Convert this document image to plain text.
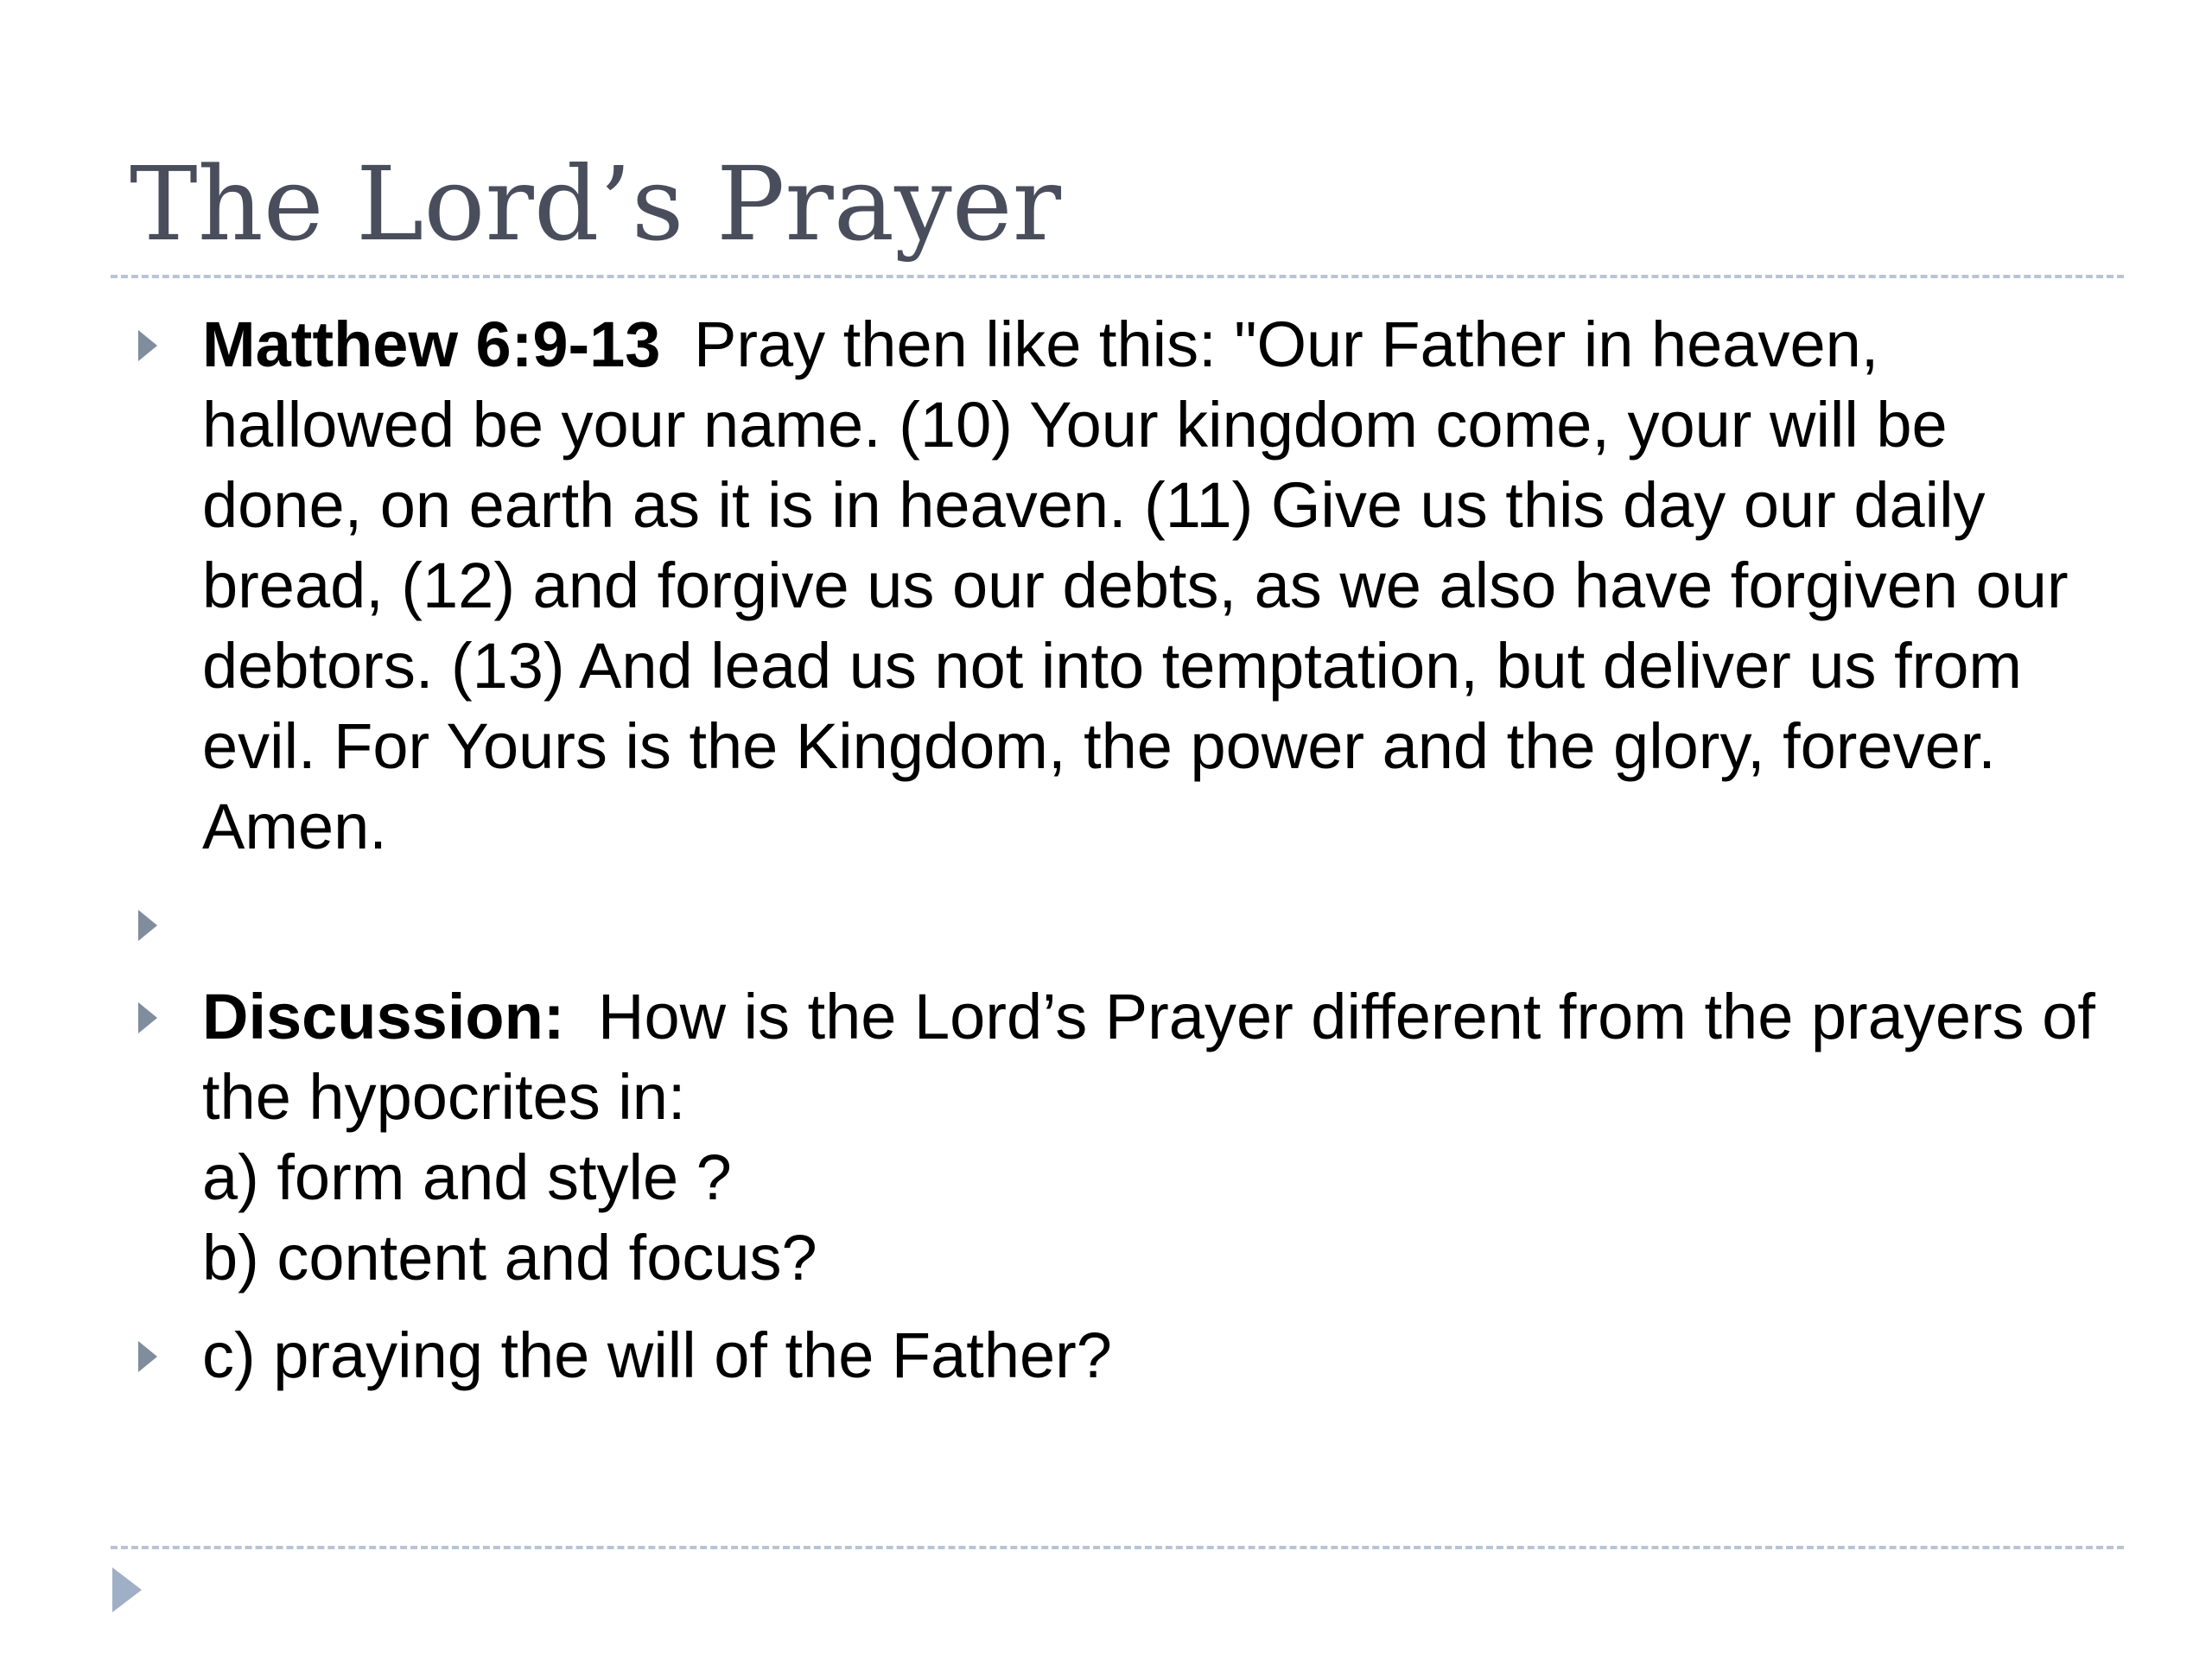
The Lord’s Prayer
Matthew 6:9-13 Pray then like this: "Our Father in heaven, hallowed be your name. (10) Your kingdom come, your will be done, on earth as it is in heaven. (11) Give us this day our daily bread, (12) and forgive us our debts, as we also have forgiven our debtors. (13) And lead us not into temptation, but deliver us from evil. For Yours is the Kingdom, the power and the glory, forever. Amen.
Discussion: How is the Lord’s Prayer different from the prayers of the hypocrites in:
a) form and style ?
b) content and focus?
c) praying the will of the Father?
